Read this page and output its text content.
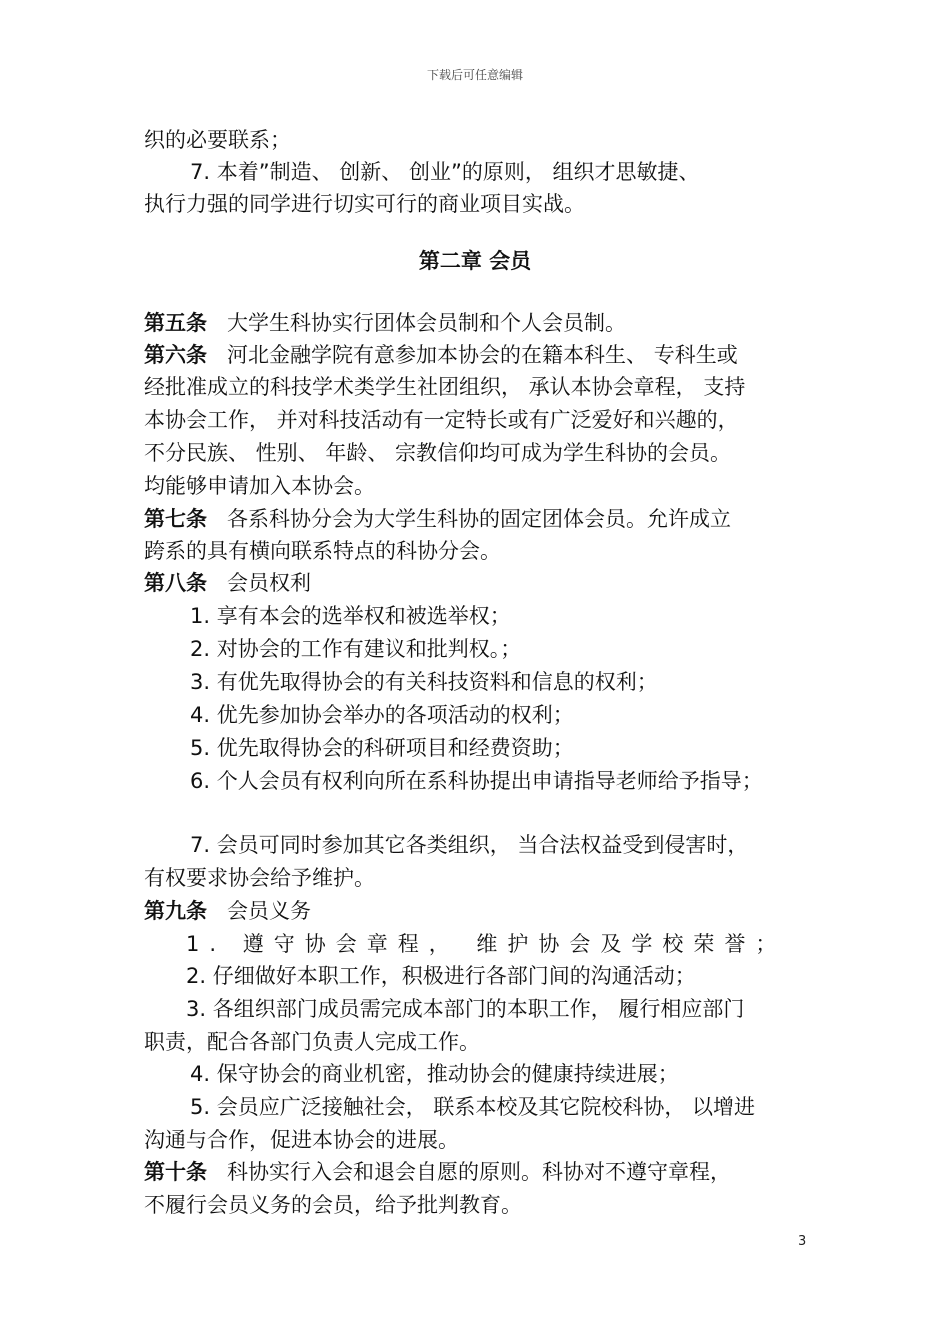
下载后可任意编辑
织的必要联系；
7. 本着”制造、 创新、 创业”的原则， 组织才思敏捷、
执行力强的同学进行切实可行的商业项目实战。
第二章 会员
第五条 大学生科协实行团体会员制和个人会员制。
第六条 河北金融学院有意参加本协会的在籍本科生、 专科生或
经批准成立的科技学术类学生社团组织， 承认本协会章程， 支持
本协会工作， 并对科技活动有一定特长或有广泛爱好和兴趣的，
不分民族、 性别、 年龄、 宗教信仰均可成为学生科协的会员。
均能够申请加入本协会。
第七条 各系科协分会为大学生科协的固定团体会员。允许成立
跨系的具有横向联系特点的科协分会。
第八条 会员权利
1. 享有本会的选举权和被选举权；
2. 对协会的工作有建议和批判权。；
3. 有优先取得协会的有关科技资料和信息的权利；
4. 优先参加协会举办的各项活动的权利；
5. 优先取得协会的科研项目和经费资助；
6. 个人会员有权利向所在系科协提出申请指导老师给予指导；
7. 会员可同时参加其它各类组织， 当合法权益受到侵害时，
有权要求协会给予维护。
第九条 会员义务
1. 遵守协会章程， 维护协会及学校荣誉；
2. 仔细做好本职工作，积极进行各部门间的沟通活动；
3. 各组织部门成员需完成本部门的本职工作， 履行相应部门
职责，配合各部门负责人完成工作。
4. 保守协会的商业机密，推动协会的健康持续进展；
5. 会员应广泛接触社会， 联系本校及其它院校科协， 以增进
沟通与合作，促进本协会的进展。
第十条 科协实行入会和退会自愿的原则。科协对不遵守章程，
不履行会员义务的会员，给予批判教育。
3
